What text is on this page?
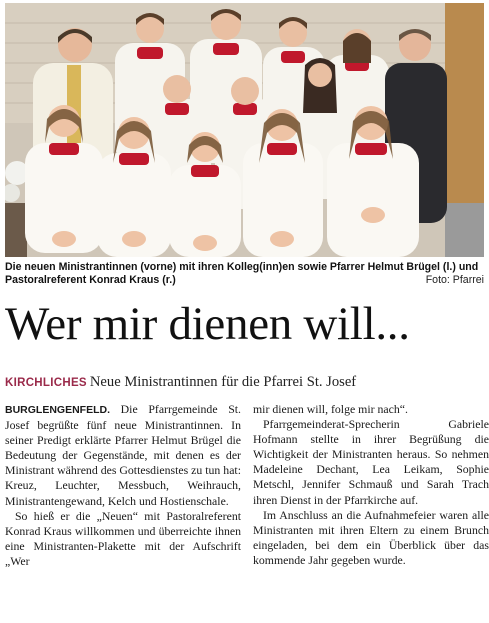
Die neuen Ministrantinnen (vorne) mit ihren Kolleg(inn)en sowie Pfarrer Helmut Brügel (l.) und Pastoralreferent Konrad Kraus (r.)	Foto: Pfarrei
Wer mir dienen will...
KIRCHLICHES Neue Ministrantinnen für die Pfarrei St. Josef

BURGLENGENFELD. Die Pfarrgemeinde St. Josef begrüßte fünf neue Ministrantinnen. In seiner Predigt erklärte Pfarrer Helmut Brügel die Bedeutung der Gegenstände, mit denen es der Ministrant während des Gottesdienstes zu tun hat: Kreuz, Leuchter, Messbuch, Weihrauch, Ministrantengewand, Kelch und Hostienschale.

So hieß er die „Neuen“ mit Pastoralreferent Konrad Kraus willkommen und überreichte ihnen eine Ministranten-Plakette mit der Aufschrift „Wer

mir dienen will, folge mir nach“.

Pfarrgemeinderat-Sprecherin Gabriele Hofmann stellte in ihrer Begrüßung die Wichtigkeit der Ministranten heraus. So nehmen Madeleine Dechant, Lea Leikam, Sophie Metschl, Jennifer Schmauß und Sarah Trach ihren Dienst in der Pfarrkirche auf.

Im Anschluss an die Aufnahmefeier waren alle Ministranten mit ihren Eltern zu einem Brunch eingeladen, bei dem ein Überblick über das kommende Jahr gegeben wurde.
